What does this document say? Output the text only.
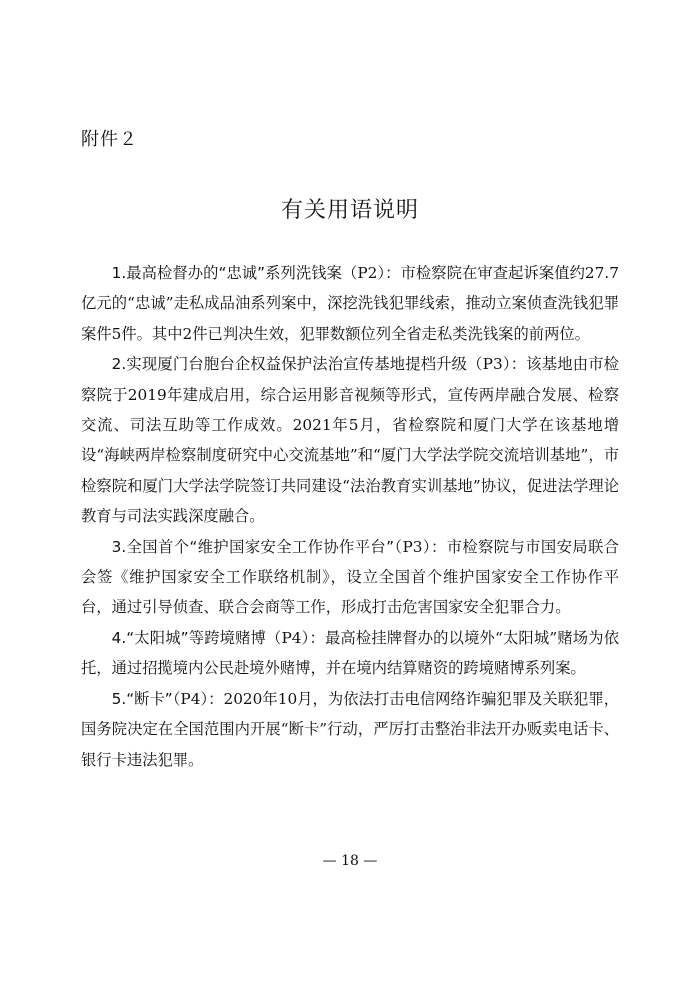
附件２
有关用语说明

1.最高检督办的“忠诚”系列洗钱案（P2）：市检察院在审查起诉案值约27.7亿元的“忠诚”走私成品油系列案中，深挖洗钱犯罪线索，推动立案侦查洗钱犯罪案件5件。其中2件已判决生效，犯罪数额位列全省走私类洗钱案的前两位。

2.实现厦门台胞台企权益保护法治宣传基地提档升级（P3）：该基地由市检察院于2019年建成启用，综合运用影音视频等形式，宣传两岸融合发展、检察交流、司法互助等工作成效。2021年5月，省检察院和厦门大学在该基地增设“海峡两岸检察制度研究中心交流基地”和“厦门大学法学院交流培训基地”，市检察院和厦门大学法学院签订共同建设“法治教育实训基地”协议，促进法学理论教育与司法实践深度融合。

3.全国首个“维护国家安全工作协作平台”（P3）：市检察院与市国安局联合会签《维护国家安全工作联络机制》，设立全国首个维护国家安全工作协作平台，通过引导侦查、联合会商等工作，形成打击危害国家安全犯罪合力。

4.“太阳城”等跨境赌博（P4）：最高检挂牌督办的以境外“太阳城”赌场为依托，通过招揽境内公民赴境外赌博，并在境内结算赌资的跨境赌博系列案。

5.“断卡”（P4）：2020年10月，为依法打击电信网络诈骗犯罪及关联犯罪，国务院决定在全国范围内开展“断卡”行动，严厉打击整治非法开办贩卖电话卡、银行卡违法犯罪。

— 18 —
